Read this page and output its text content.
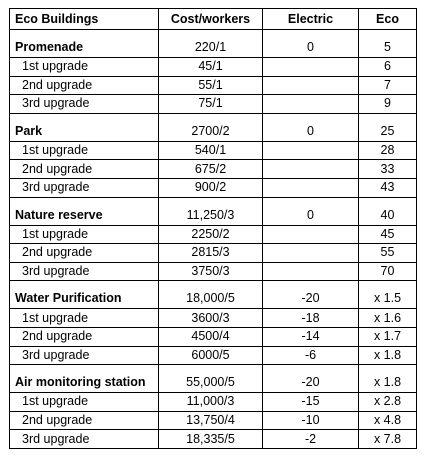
Eco Buildings	Cost/workers	Electric	Eco

Promenade	220/1	0	5
1st upgrade	45/1		6
2nd upgrade	55/1		7
3rd upgrade	75/1		9

Park	2700/2	0	25
1st upgrade	540/1		28
2nd upgrade	675/2		33
3rd upgrade	900/2		43

Nature reserve	11,250/3	0	40
1st upgrade	2250/2		45
2nd upgrade	2815/3		55
3rd upgrade	3750/3		70

Water Purification	18,000/5	-20	x 1.5
1st upgrade	3600/3	-18	x 1.6
2nd upgrade	4500/4	-14	x 1.7
3rd upgrade	6000/5	-6	x 1.8

Air monitoring station	55,000/5	-20	x 1.8
1st upgrade	11,000/3	-15	x 2.8
2nd upgrade	13,750/4	-10	x 4.8
3rd upgrade	18,335/5	-2	x 7.8
